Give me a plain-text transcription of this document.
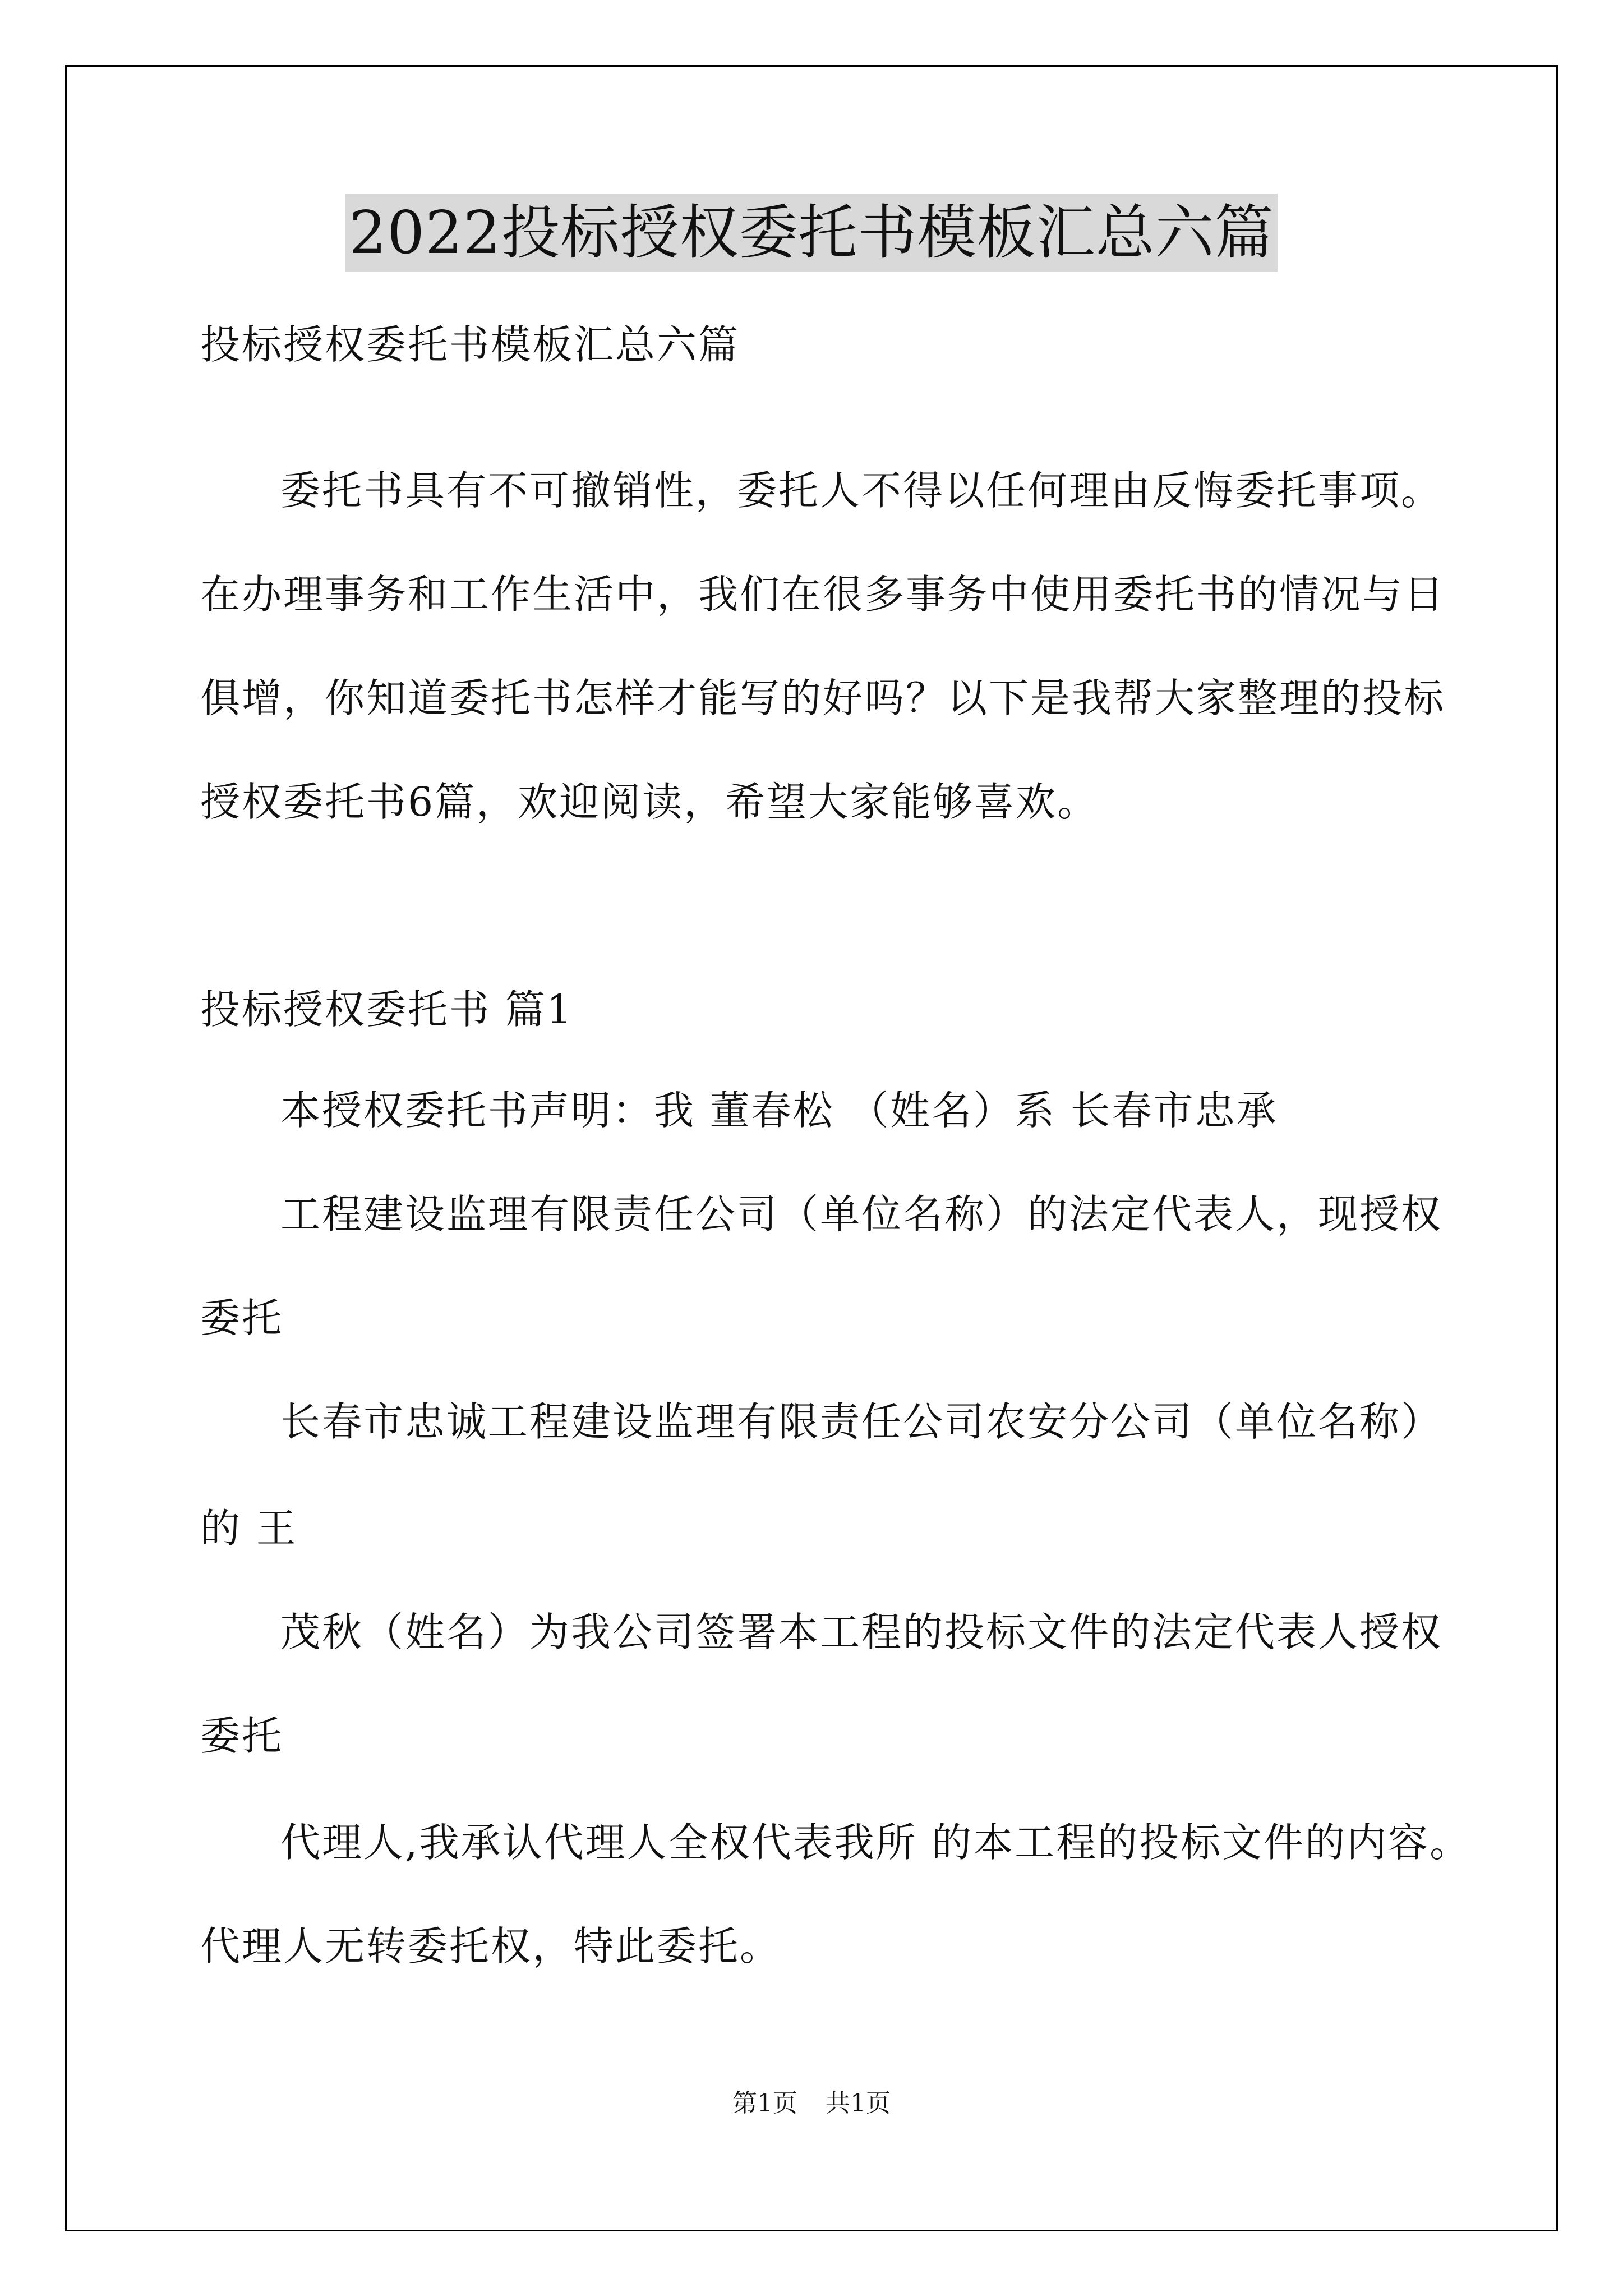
2022投标授权委托书模板汇总六篇
投标授权委托书模板汇总六篇
委托书具有不可撤销性，委托人不得以任何理由反悔委托事项。
在办理事务和工作生活中，我们在很多事务中使用委托书的情况与日
俱增，你知道委托书怎样才能写的好吗？以下是我帮大家整理的投标
授权委托书6篇，欢迎阅读，希望大家能够喜欢。
投标授权委托书 篇1
本授权委托书声明：我 董春松 （姓名）系 长春市忠承
工程建设监理有限责任公司（单位名称）的法定代表人，现授权
委托
长春市忠诚工程建设监理有限责任公司农安分公司（单位名称）
的 王
茂秋（姓名）为我公司签署本工程的投标文件的法定代表人授权
委托
代理人,我承认代理人全权代表我所 的本工程的投标文件的内容。
代理人无转委托权，特此委托。
第1页 共1页
